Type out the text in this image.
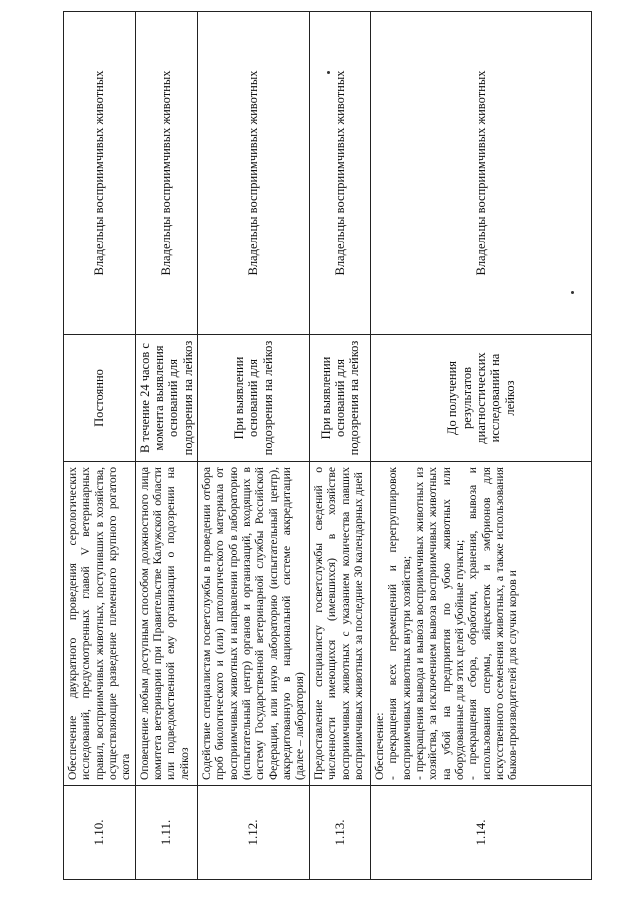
1.10.	Обеспечение двукратного проведения серологических исследований, предусмотренных главой V ветеринарных правил, восприимчивых животных, поступивших в хозяйства, осуществляющие разведение племенного крупного рогатого скота	Постоянно	Владельцы восприимчивых животных
1.11.	Оповещение любым доступным способом должностного лица комитета ветеринарии при Правительстве Калужской области или подведомственной ему организации о подозрении на лейкоз	В течение 24 часов с момента выявления оснований для подозрения на лейкоз	Владельцы восприимчивых животных
1.12.	Содействие специалистам госветслужбы в проведении отбора проб биологического и (или) патологического материала от восприимчивых животных и направлении проб в лабораторию (испытательный центр) органов и организаций, входящих в систему Государственной ветеринарной службы Российской Федерации, или иную лабораторию (испытательный центр), аккредитованную в национальной системе аккредитации (далее – лаборатория)	При выявлении оснований для подозрения на лейкоз	Владельцы восприимчивых животных
1.13.	Предоставление специалисту госветслужбы сведений о численности имеющихся (имевшихся) в хозяйстве восприимчивых животных с указанием количества павших восприимчивых животных за последние 30 календарных дней	При выявлении оснований для подозрения на лейкоз	Владельцы восприимчивых животных
1.14.	Обеспечение: - прекращения всех перемещений и перегруппировок восприимчивых животных внутри хозяйства; - прекращения вывода и вывоза восприимчивых животных из хозяйства, за исключением вывоза восприимчивых животных на убой на предприятия по убою животных или оборудованные для этих целей убойные пункты; - прекращения сбора, обработки, хранения, вывоза и использования спермы, яйцеклеток и эмбрионов для искусственного осеменения животных, а также использования быков-производителей для случки коров и	До получения результатов диагностических исследований на лейкоз	Владельцы восприимчивых животных
